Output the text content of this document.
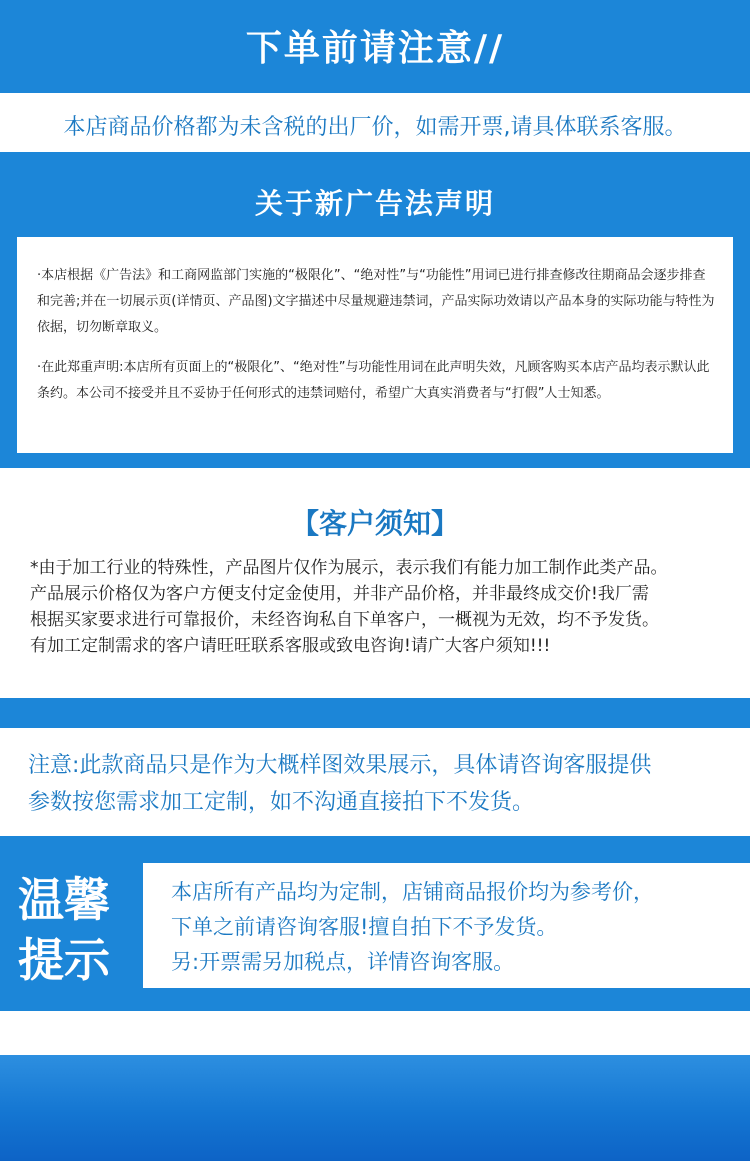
下单前请注意//
本店商品价格都为未含税的出厂价，如需开票,请具体联系客服。
关于新广告法声明

·本店根据《广告法》和工商网监部门实施的“极限化”、“绝对性”与“功能性”用词已进行排查修改往期商品会逐步排查和完善;并在一切展示页(详情页、产品图)文字描述中尽量规避违禁词，产品实际功效请以产品本身的实际功能与特性为依据，切勿断章取义。

·在此郑重声明:本店所有页面上的“极限化”、“绝对性”与功能性用词在此声明失效，凡顾客购买本店产品均表示默认此条约。本公司不接受并且不妥协于任何形式的违禁词赔付，希望广大真实消费者与“打假”人士知悉。

【客户须知】
*由于加工行业的特殊性，产品图片仅作为展示，表示我们有能力加工制作此类产品。
产品展示价格仅为客户方便支付定金使用，并非产品价格，并非最终成交价!我厂需
根据买家要求进行可靠报价，未经咨询私自下单客户，一概视为无效，均不予发货。
有加工定制需求的客户请旺旺联系客服或致电咨询!请广大客户须知!!!
注意:此款商品只是作为大概样图效果展示，具体请咨询客服提供
参数按您需求加工定制，如不沟通直接拍下不发货。
温馨
提示
本店所有产品均为定制，店铺商品报价均为参考价，
下单之前请咨询客服!擅自拍下不予发货。
另:开票需另加税点，详情咨询客服。
